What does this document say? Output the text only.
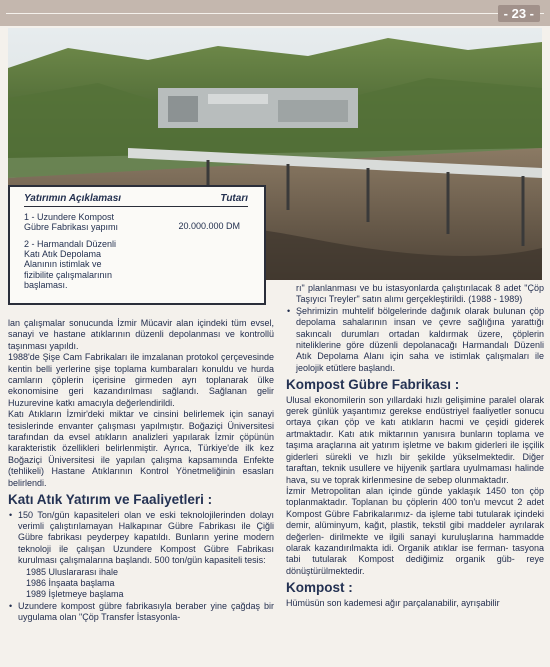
- 23 -
Yatırımın Açıklaması	Tutarı
1 - Uzundere Kompost
Gübre Fabrikası yapımı	20.000.000 DM
2 - Harmandalı Düzenli
Katı Atık Depolama
Alanının istimlak ve
fizibilite çalışmalarının
başlaması.

lan çalışmalar sonucunda İzmir Mücavir alan içindeki tüm evsel, sanayi ve hastane atıklarının düzenli depolanması ve kontrollü taşınması yapıldı.

1988'de Şişe Cam Fabrikaları ile imzalanan protokol çerçevesinde kentin belli yerlerine şişe toplama kumbaraları konuldu ve hurda camların çöplerin içerisine girmeden ayrı toplanarak ülke ekonomisine geri kazandırılması sağlandı. Sağlanan gelir Huzurevine katkı amacıyla değerlendirildi.

Katı Atıkların İzmir'deki miktar ve cinsini belirlemek için sanayi tesislerinde envanter çalışması yapılmıştır. Boğaziçi Üniversitesi tarafından da evsel atıkların analizleri yapılarak İzmir çöpünün karakteristik özellikleri belirlenmiştir. Ayrıca, Türkiye'de ilk kez Boğaziçi Üniversitesi ile yapılan çalışma kapsamında Enfekte (tehlikeli) Hastane Atıklarının Kontrol Yönetmeliğinin esasları belirlendi.

Katı Atık Yatırım ve Faaliyetleri :
• 150 Ton/gün kapasiteleri olan ve eski teknolojilerinden dolayı verimli çalıştırılamayan Halkapınar Gübre Fabrikası ile Çiğli Gübre fabrikası peyderpey kapatıldı. Bunların yerine modern teknoloji ile çalışan Uzundere Kompost Gübre Fabrikası kurulması çalışmalarına başlandı. 500 ton/gün kapasiteli tesis:
1985 Uluslararası ihale
1986 İnşaata başlama
1989 İşletmeye başlama
• Uzundere kompost gübre fabrikasıyla beraber yine çağdaş bir uygulama olan "Çöp Transfer İstasyonla-

rı" planlanması ve bu istasyonlarda çalıştırılacak 8 adet "Çöp Taşıyıcı Treyler" satın alımı gerçekleştirildi. (1988 - 1989)

• Şehrimizin muhtelif bölgelerinde dağınık olarak bulunan çöp depolama sahalarının insan ve çevre sağlığına yarattığı sakıncalı durumları ortadan kaldırmak üzere, çöplerin niteliklerine göre düzenli depolanacağı Harmandalı Düzenli Atık Depolama Alanı için saha ve istimlak çalışmaları ile jeolojik etütlere başlandı.
Kompost Gübre Fabrikası :

Ulusal ekonomilerin son yıllardaki hızlı gelişimine paralel olarak gerek günlük yaşantımız gerekse endüstriyel faaliyetler sonucu ortaya çıkan çöp ve katı atıkların hacmi ve çeşidi giderek artmaktadır. Katı atık miktarının yanısıra bunların toplama ve taşıma araçlarına ait yatırım işletme ve bakım giderleri ile işçilik giderleri sürekli ve hızlı bir şekilde yükselmektedir. Diğer taraftan, teknik usullere ve hijyenik şartlara uyulmaması halinde hava, su ve toprak kirlenmesine de sebep olunmaktadır.

İzmir Metropolitan alan içinde günde yaklaşık 1450 ton çöp toplanmaktadır. Toplanan bu çöplerin 400 ton'u mevcut 2 adet Kompost Gübre Fabrikalarımız- da işleme tabi tutularak içindeki demir, alüminyum, kağıt, plastik, tekstil gibi maddeler ayrılarak değerlen- dirilmekte ve ilgili sanayi kuruluşlarına hammadde olarak kazandırılmakta idi. Organik atıklar ise ferman- tasyona tabi tutularak Kompost dediğimiz organik güb- reye dönüştürülmektedir.

Kompost :

Hümüsün son kademesi ağır parçalanabilir, ayrışabilir
